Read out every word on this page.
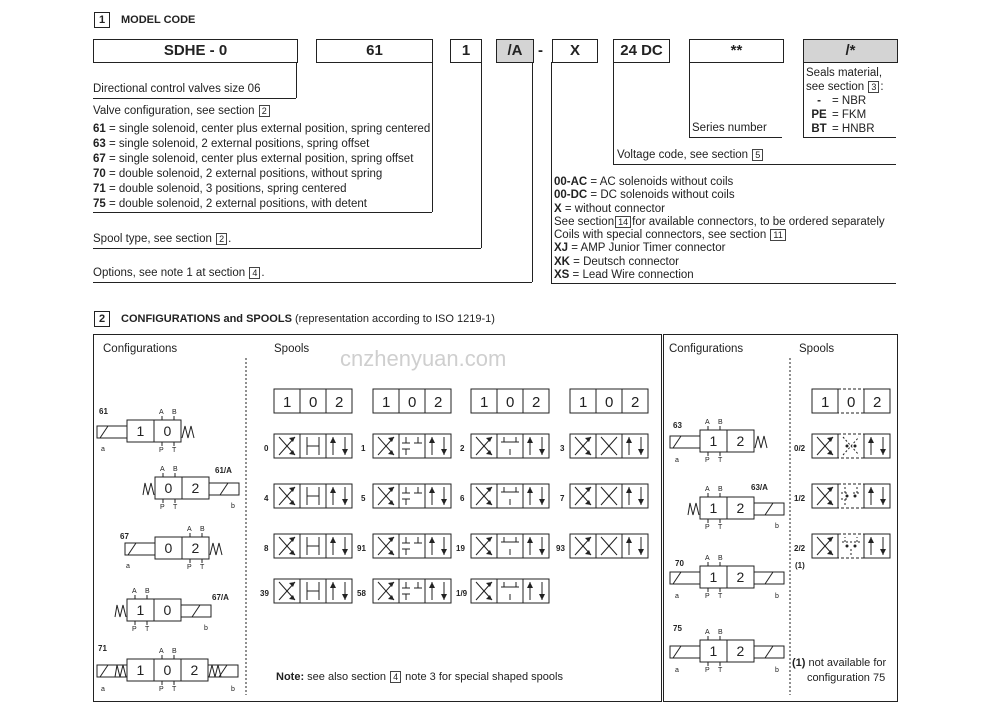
1	MODEL CODE
SDHE - 0	61	1	/A	-	X	24 DC	**	/*
Directional control valves size 06
Valve configuration, see section 2
61 = single solenoid, center plus external position, spring centered
63 = single solenoid, 2 external positions, spring offset
67 = single solenoid, center plus external position, spring offset
70 = double solenoid, 2 external positions, without spring
71 = double solenoid, 3 positions, spring centered
75 = double solenoid, 2 external positions, with detent
Spool type, see section 2 .
Options, see note 1 at section 4 .
Series number
Voltage code, see section 5
Seals material,
see section 3 :
- = NBR
PE = FKM
BT = HNBR
00-AC = AC solenoids without coils
00-DC = DC solenoids without coils
X = without connector
See section 14 for available connectors, to be ordered separately
Coils with special connectors, see section 11
XJ = AMP Junior Timer connector
XK = Deutsch connector
XS = Lead Wire connection
2	CONFIGURATIONS and SPOOLS (representation according to ISO 1219-1)
Configurations	Spools	Configurations	Spools
cnzhenyuan.com
1 0
A B
P T
a
61
0 2
A B
P T	b
61/A
0 2
A B
P T
a
67
1 0
A B
P T	b
67/A
1 0 2
A B
P T
a	b
71
1 2
A B
P T
a
63
1 2
A B
P T	b
63/A
1 2
A B
P T
a	b
70
1 2
A B
P T
a	b
75
1 0 2	1 0 2	1 0 2	1 0 2	1 0 2
0	1	2	3
4	5	6	7
8	91	19	93
39	58	1/9
0/2
1/2
2/2
(1)
Note: see also section 4 note 3 for special shaped spools
(1) not available for
configuration 75
